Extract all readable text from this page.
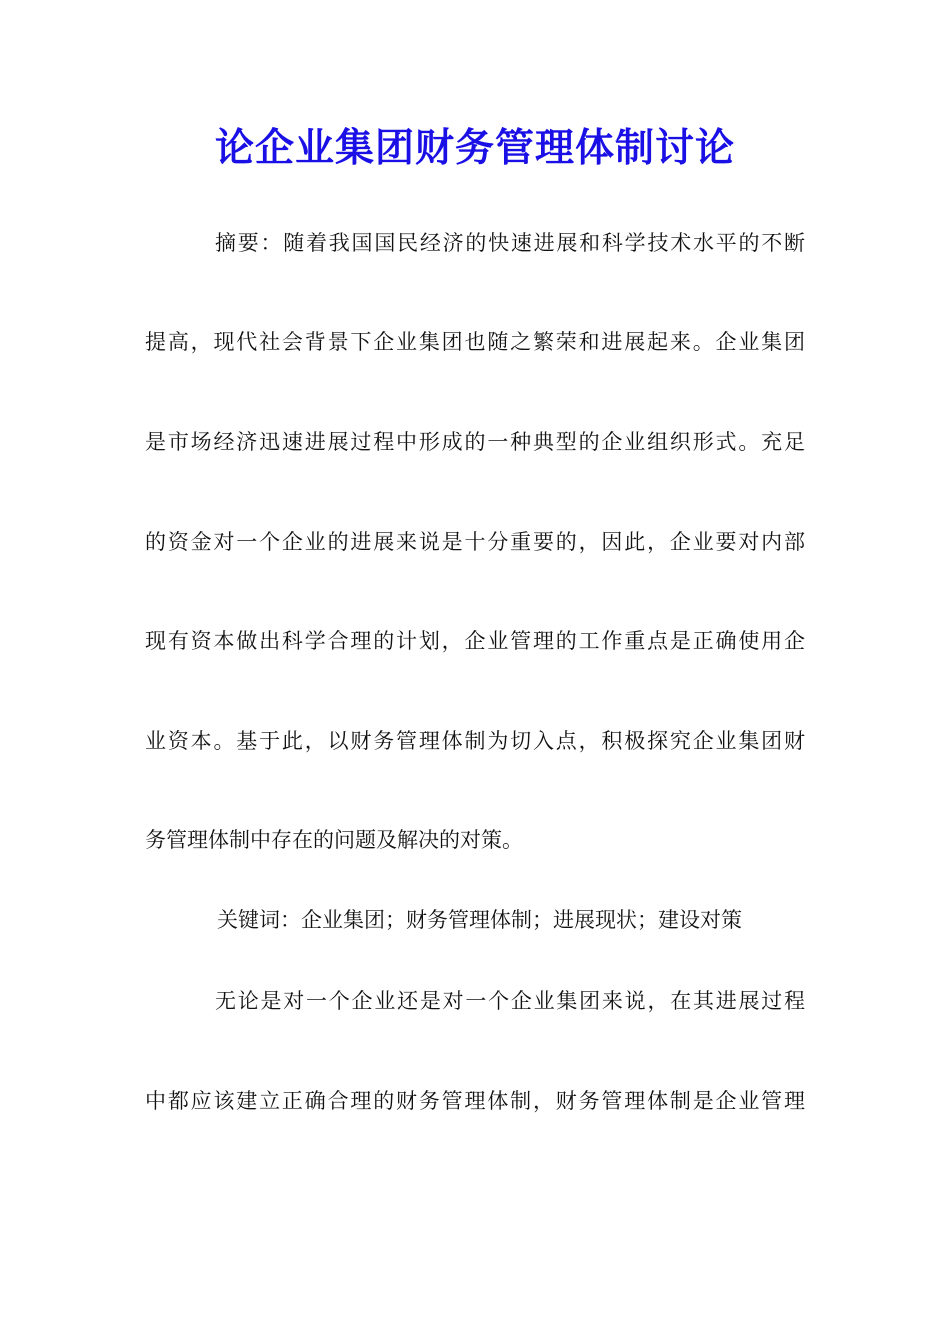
论企业集团财务管理体制讨论
摘要：随着我国国民经济的快速进展和科学技术水平的不断
提高，现代社会背景下企业集团也随之繁荣和进展起来。企业集团
是市场经济迅速进展过程中形成的一种典型的企业组织形式。充足
的资金对一个企业的进展来说是十分重要的，因此，企业要对内部
现有资本做出科学合理的计划，企业管理的工作重点是正确使用企
业资本。基于此，以财务管理体制为切入点，积极探究企业集团财
务管理体制中存在的问题及解决的对策。
关键词：企业集团；财务管理体制；进展现状；建设对策
无论是对一个企业还是对一个企业集团来说，在其进展过程
中都应该建立正确合理的财务管理体制，财务管理体制是企业管理
